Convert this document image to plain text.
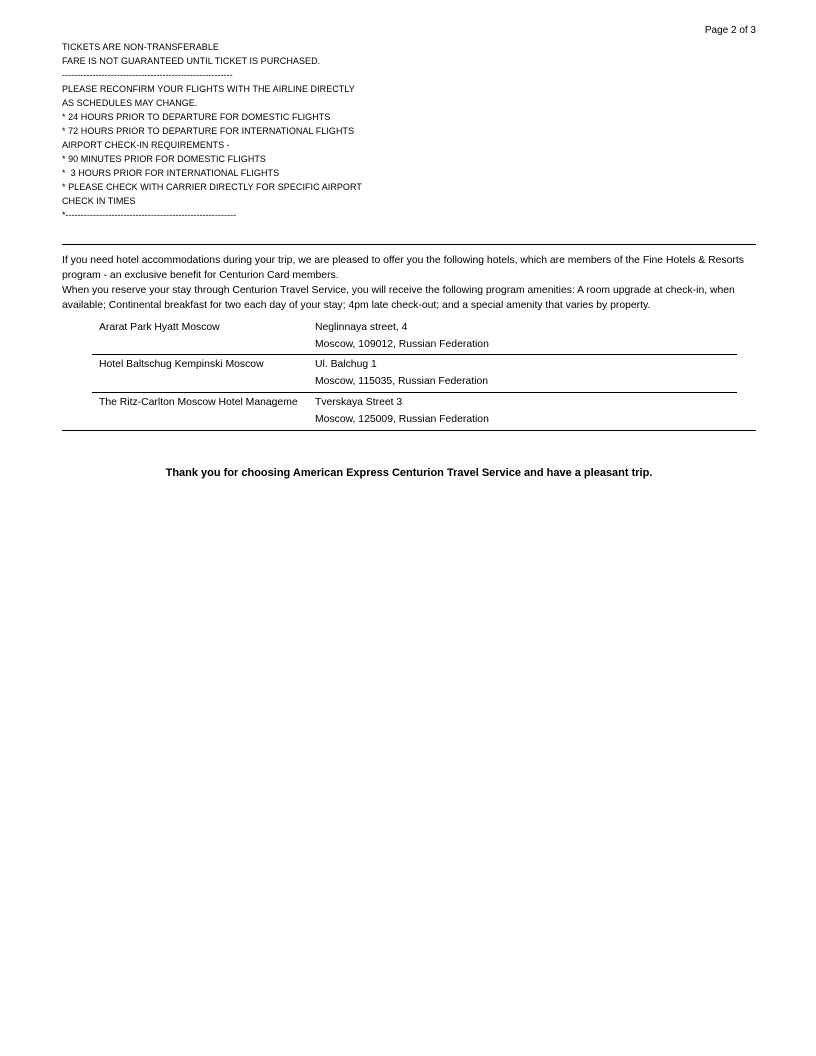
Page 2 of 3
TICKETS ARE NON-TRANSFERABLE
FARE IS NOT GUARANTEED UNTIL TICKET IS PURCHASED.
--------------------------------------------------------
PLEASE RECONFIRM YOUR FLIGHTS WITH THE AIRLINE DIRECTLY
AS SCHEDULES MAY CHANGE.
* 24 HOURS PRIOR TO DEPARTURE FOR DOMESTIC FLIGHTS
* 72 HOURS PRIOR TO DEPARTURE FOR INTERNATIONAL FLIGHTS
AIRPORT CHECK-IN REQUIREMENTS -
* 90 MINUTES PRIOR FOR DOMESTIC FLIGHTS
*  3 HOURS PRIOR FOR INTERNATIONAL FLIGHTS
* PLEASE CHECK WITH CARRIER DIRECTLY FOR SPECIFIC AIRPORT
CHECK IN TIMES
*--------------------------------------------------------

If you need hotel accommodations during your trip, we are pleased to offer you the following hotels, which are members of the Fine Hotels & Resorts program - an exclusive benefit for Centurion Card members.

When you reserve your stay through Centurion Travel Service, you will receive the following program amenities: A room upgrade at check-in, when available; Continental breakfast for two each day of your stay; 4pm late check-out; and a special amenity that varies by property.

Ararat Park Hyatt Moscow	Neglinnaya street, 4
Moscow, 109012, Russian Federation
Hotel Baltschug Kempinski Moscow	Ul. Balchug 1
Moscow, 115035, Russian Federation
The Ritz-Carlton Moscow Hotel Manageme	Tverskaya Street 3
Moscow, 125009, Russian Federation
Thank you for choosing American Express Centurion Travel Service and have a pleasant trip.
